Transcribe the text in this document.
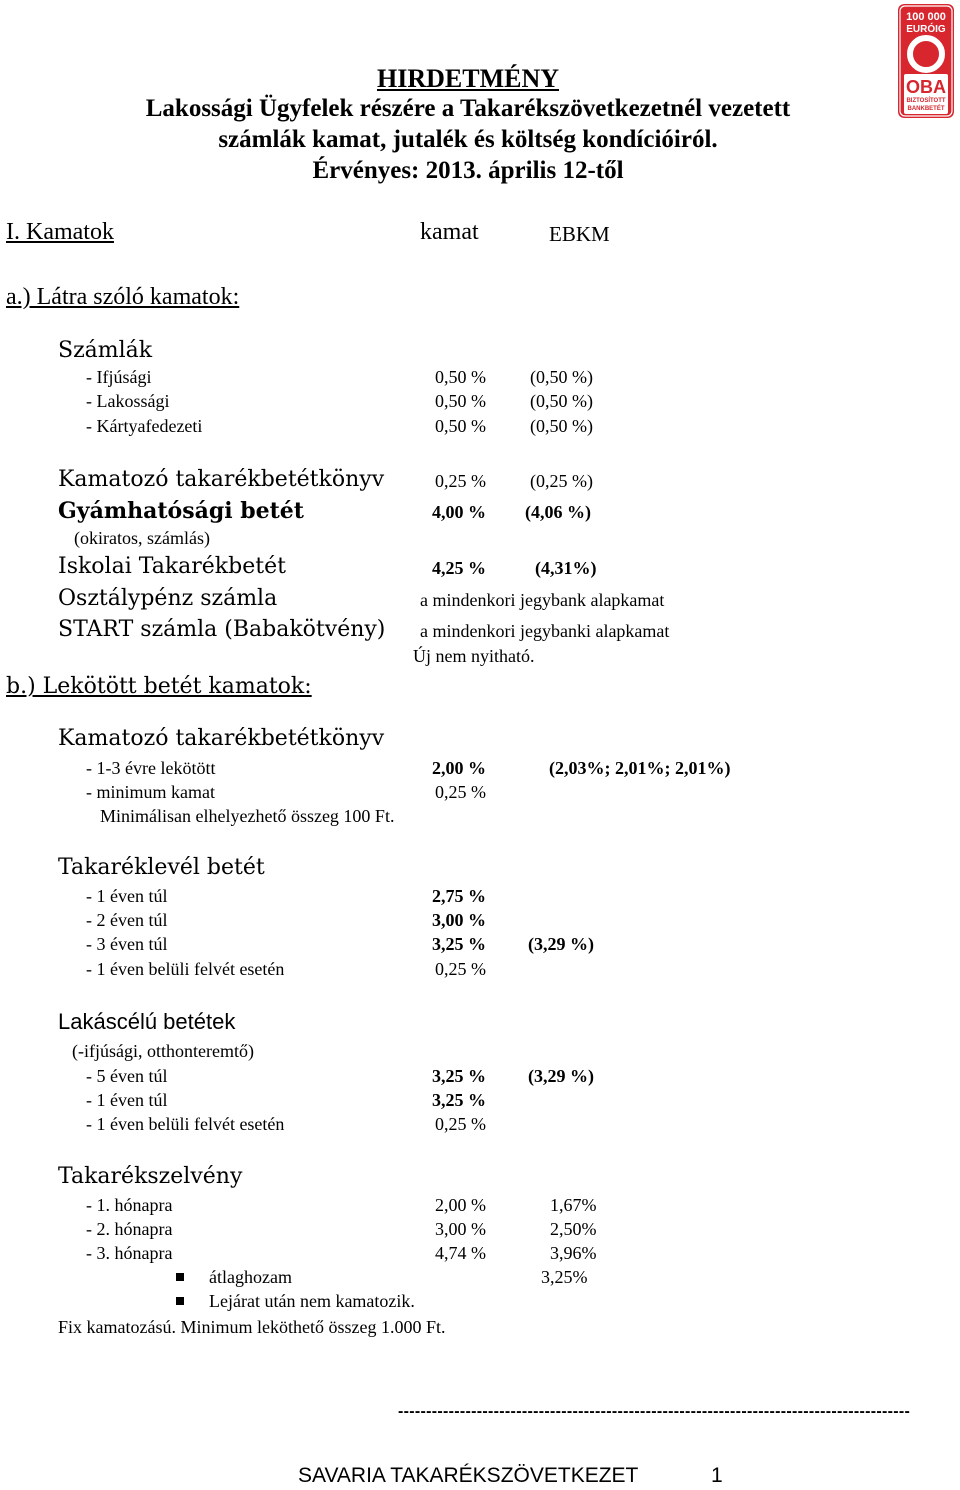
100 000
EURÓIG
OBA
BIZTOSÍTOTT
BANKBETÉT
HIRDETMÉNY
Lakossági Ügyfelek részére a Takarékszövetkezetnél vezetett
számlák kamat, jutalék és költség kondícióiról.
Érvényes: 2013. április 12-től
I. Kamatok	kamat	EBKM
a.) Látra szóló kamatok:
Számlák
- Ifjúsági	0,50 % (0,50 %)
- Lakossági	0,50 % (0,50 %)
- Kártyafedezeti	0,50 % (0,50 %)
Kamatozó takarékbetétkönyv	0,25 % (0,25 %)
Gyámhatósági betét	4,00 % (4,06 %)
(okiratos, számlás)
Iskolai Takarékbetét	4,25 %	(4,31%)
Osztálypénz számla	a mindenkori jegybank alapkamat
START számla (Babakötvény) a mindenkori jegybanki alapkamat
Új nem nyitható.
b.) Lekötött betét kamatok:
Kamatozó takarékbetétkönyv
- 1-3 évre lekötött	2,00 %	(2,03%; 2,01%; 2,01%)
- minimum kamat	0,25 %
Minimálisan elhelyezhető összeg 100 Ft.
Takaréklevél betét
- 1 éven túl	2,75 %
- 2 éven túl	3,00 %
- 3 éven túl	3,25 % (3,29 %)
- 1 éven belüli felvét esetén	0,25 %
Lakáscélú betétek
(-ifjúsági, otthonteremtő)
- 5 éven túl	3,25 % (3,29 %)
- 1 éven túl	3,25 %
- 1 éven belüli felvét esetén	0,25 %
Takarékszelvény
- 1. hónapra	2,00 %	1,67%
- 2. hónapra	3,00 %	2,50%
- 3. hónapra	4,74 %	3,96%
átlaghozam	3,25%
Lejárat után nem kamatozik.
Fix kamatozású. Minimum leköthető összeg 1.000 Ft.
-------------------------------------------------------------------------------------------
SAVARIA TAKARÉKSZÖVETKEZET	1
